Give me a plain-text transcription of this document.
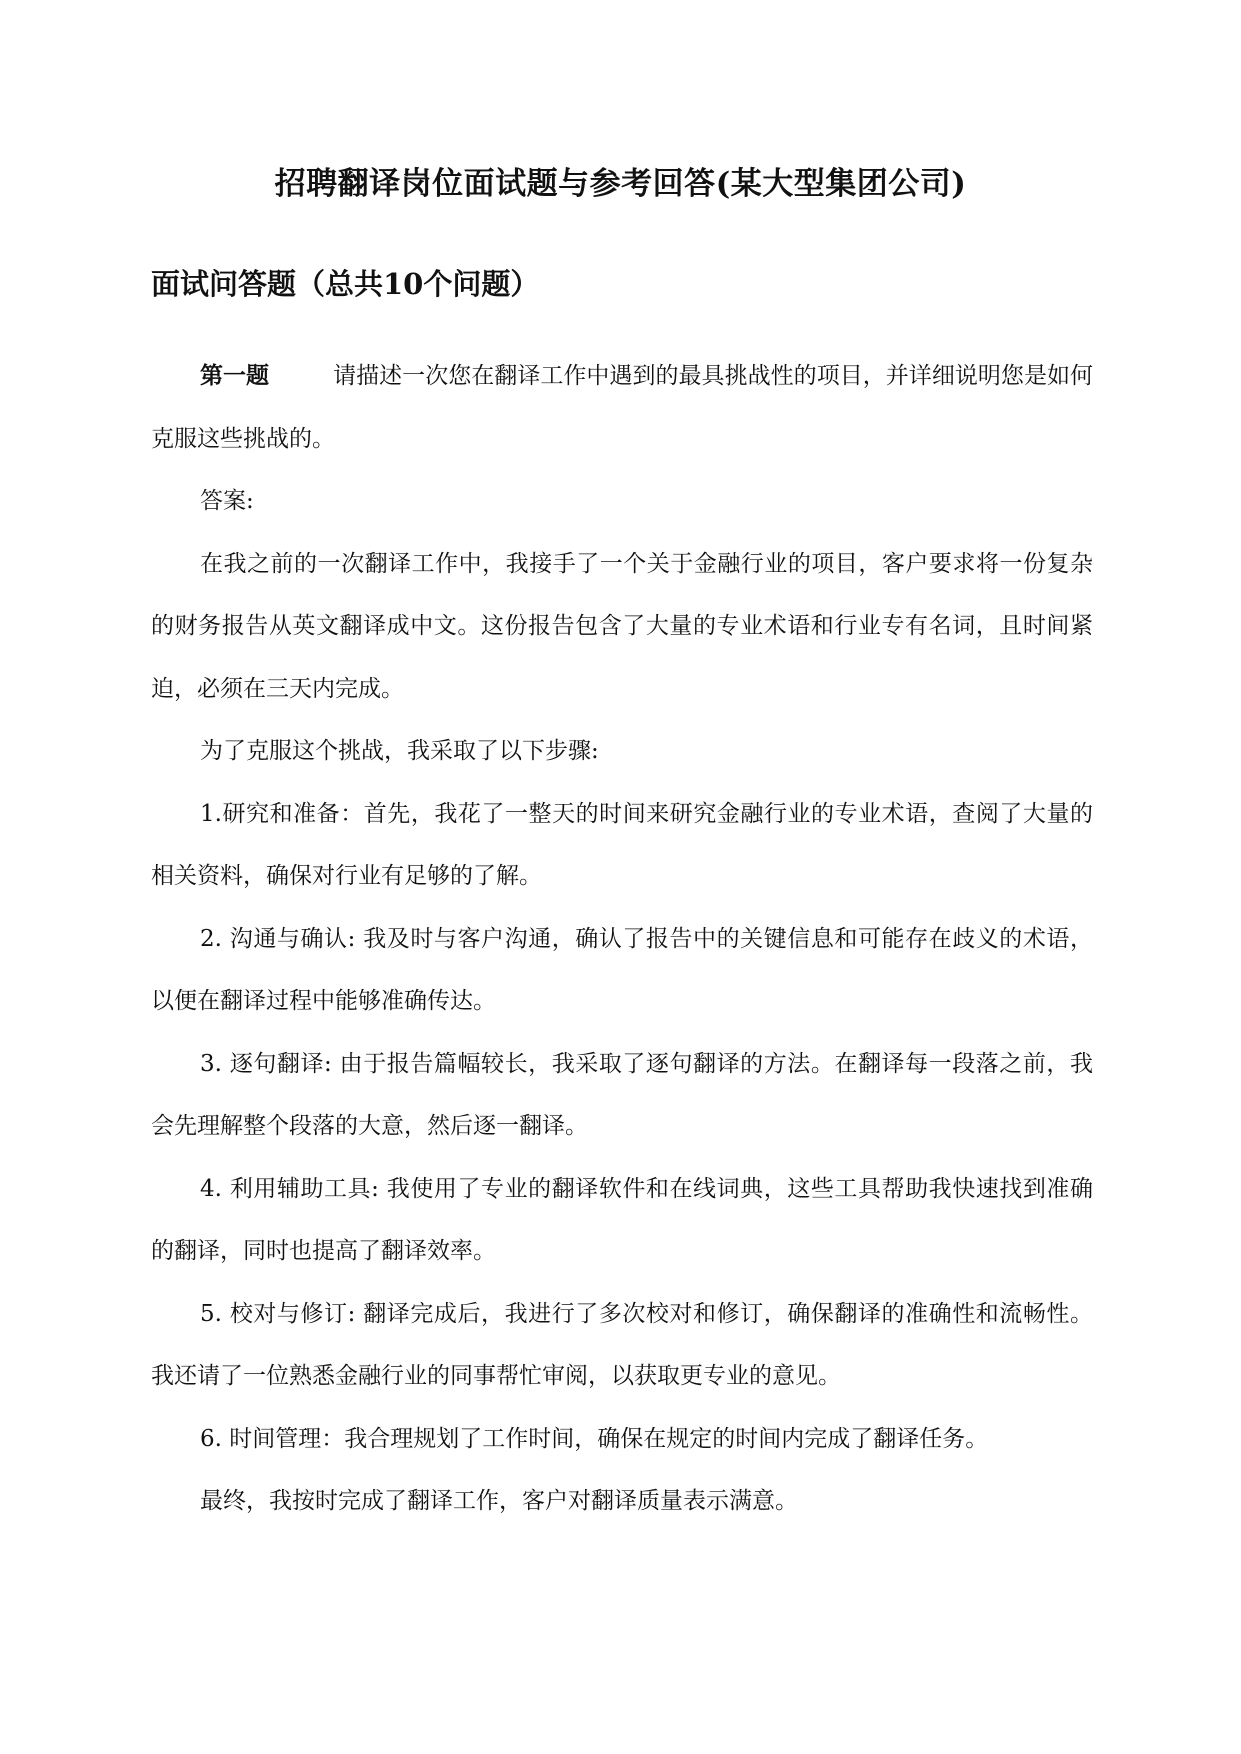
招聘翻译岗位面试题与参考回答(某大型集团公司)
面试问答题（总共10个问题）

第一题	请描述一次您在翻译工作中遇到的最具挑战性的项目，并详细说明您是如何克服这些挑战的。

答案:

在我之前的一次翻译工作中，我接手了一个关于金融行业的项目，客户要求将一份复杂的财务报告从英文翻译成中文。这份报告包含了大量的专业术语和行业专有名词，且时间紧迫，必须在三天内完成。

为了克服这个挑战，我采取了以下步骤:

1.研究和准备：首先，我花了一整天的时间来研究金融行业的专业术语，查阅了大量的相关资料，确保对行业有足够的了解。

2. 沟通与确认: 我及时与客户沟通，确认了报告中的关键信息和可能存在歧义的术语，以便在翻译过程中能够准确传达。

3. 逐句翻译: 由于报告篇幅较长，我采取了逐句翻译的方法。在翻译每一段落之前，我会先理解整个段落的大意，然后逐一翻译。

4. 利用辅助工具: 我使用了专业的翻译软件和在线词典，这些工具帮助我快速找到准确的翻译，同时也提高了翻译效率。

5. 校对与修订: 翻译完成后，我进行了多次校对和修订，确保翻译的准确性和流畅性。我还请了一位熟悉金融行业的同事帮忙审阅，以获取更专业的意见。

6. 时间管理：我合理规划了工作时间，确保在规定的时间内完成了翻译任务。

最终，我按时完成了翻译工作，客户对翻译质量表示满意。
